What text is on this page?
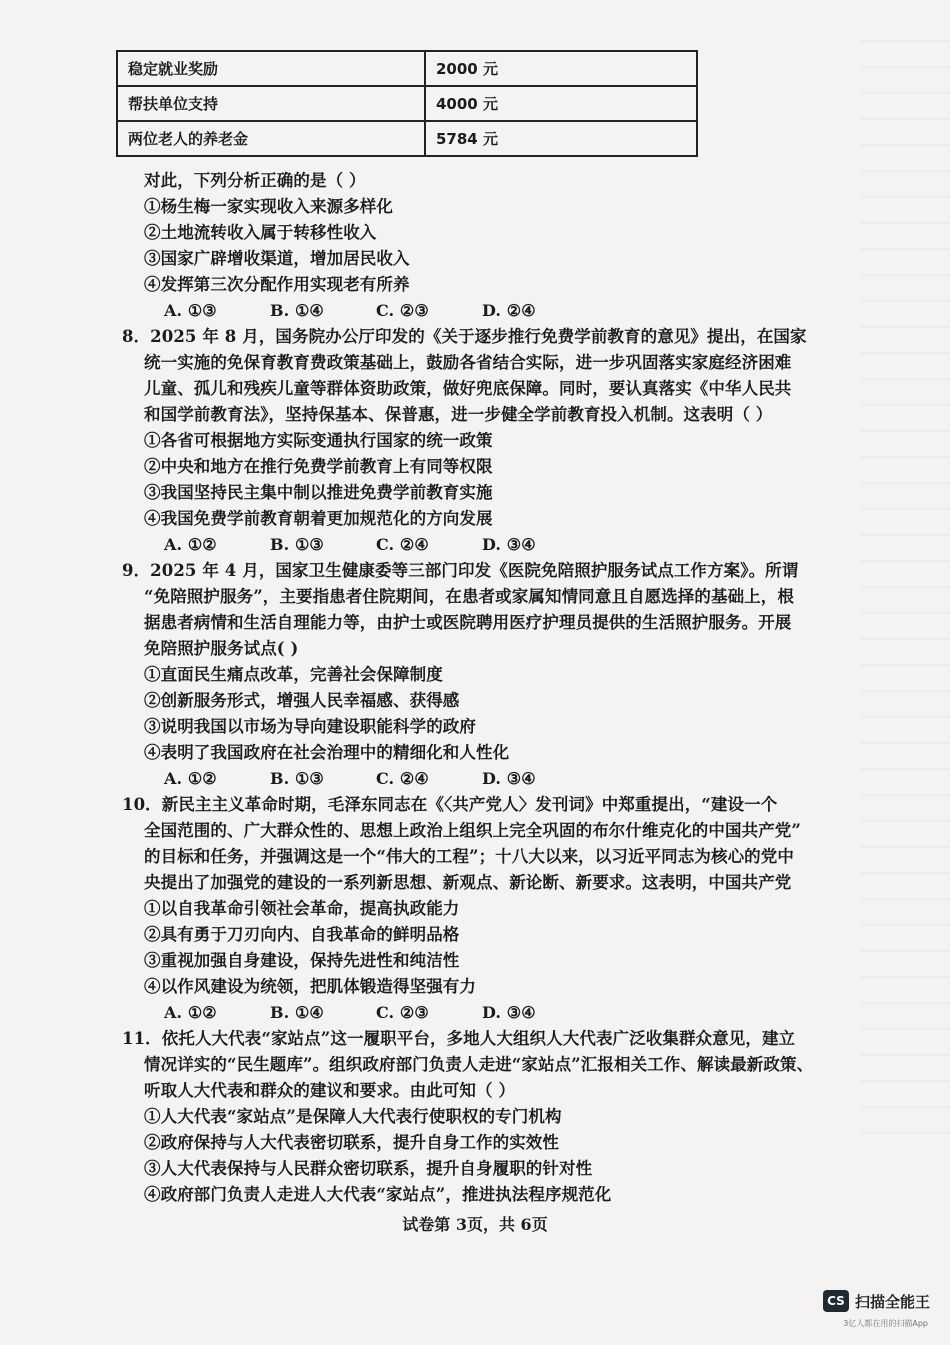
稳定就业奖励	2000 元
帮扶单位支持	4000 元
两位老人的养老金	5784 元
对此，下列分析正确的是（ ）
①杨生梅一家实现收入来源多样化
②土地流转收入属于转移性收入
③国家广辟增收渠道，增加居民收入
④发挥第三次分配作用实现老有所养
A. ①③	B. ①④	C. ②③	D. ②④
8．2025 年 8 月，国务院办公厅印发的《关于逐步推行免费学前教育的意见》提出，在国家
统一实施的免保育教育费政策基础上，鼓励各省结合实际，进一步巩固落实家庭经济困难
儿童、孤儿和残疾儿童等群体资助政策，做好兜底保障。同时，要认真落实《中华人民共
和国学前教育法》，坚持保基本、保普惠，进一步健全学前教育投入机制。这表明（ ）
①各省可根据地方实际变通执行国家的统一政策
②中央和地方在推行免费学前教育上有同等权限
③我国坚持民主集中制以推进免费学前教育实施
④我国免费学前教育朝着更加规范化的方向发展
A. ①②	B. ①③	C. ②④	D. ③④
9．2025 年 4 月，国家卫生健康委等三部门印发《医院免陪照护服务试点工作方案》。所谓
“免陪照护服务”，主要指患者住院期间，在患者或家属知情同意且自愿选择的基础上，根
据患者病情和生活自理能力等，由护士或医院聘用医疗护理员提供的生活照护服务。开展
免陪照护服务试点( )
①直面民生痛点改革，完善社会保障制度
②创新服务形式，增强人民幸福感、获得感
③说明我国以市场为导向建设职能科学的政府
④表明了我国政府在社会治理中的精细化和人性化
A. ①②	B. ①③	C. ②④	D. ③④
10．新民主主义革命时期，毛泽东同志在《〈共产党人〉发刊词》中郑重提出，“建设一个
全国范围的、广大群众性的、思想上政治上组织上完全巩固的布尔什维克化的中国共产党”
的目标和任务，并强调这是一个“伟大的工程”；十八大以来，以习近平同志为核心的党中
央提出了加强党的建设的一系列新思想、新观点、新论断、新要求。这表明，中国共产党
①以自我革命引领社会革命，提高执政能力
②具有勇于刀刃向内、自我革命的鲜明品格
③重视加强自身建设，保持先进性和纯洁性
④以作风建设为统领，把肌体锻造得坚强有力
A. ①②	B. ①④	C. ②③	D. ③④
11．依托人大代表“家站点”这一履职平台，多地人大组织人大代表广泛收集群众意见，建立
情况详实的“民生题库”。组织政府部门负责人走进“家站点”汇报相关工作、解读最新政策、
听取人大代表和群众的建议和要求。由此可知（ ）
①人大代表“家站点”是保障人大代表行使职权的专门机构
②政府保持与人大代表密切联系，提升自身工作的实效性
③人大代表保持与人民群众密切联系，提升自身履职的针对性
④政府部门负责人走进人大代表“家站点”，推进执法程序规范化
试卷第 3页，共 6页
CS 扫描全能王
3亿人都在用的扫描App
